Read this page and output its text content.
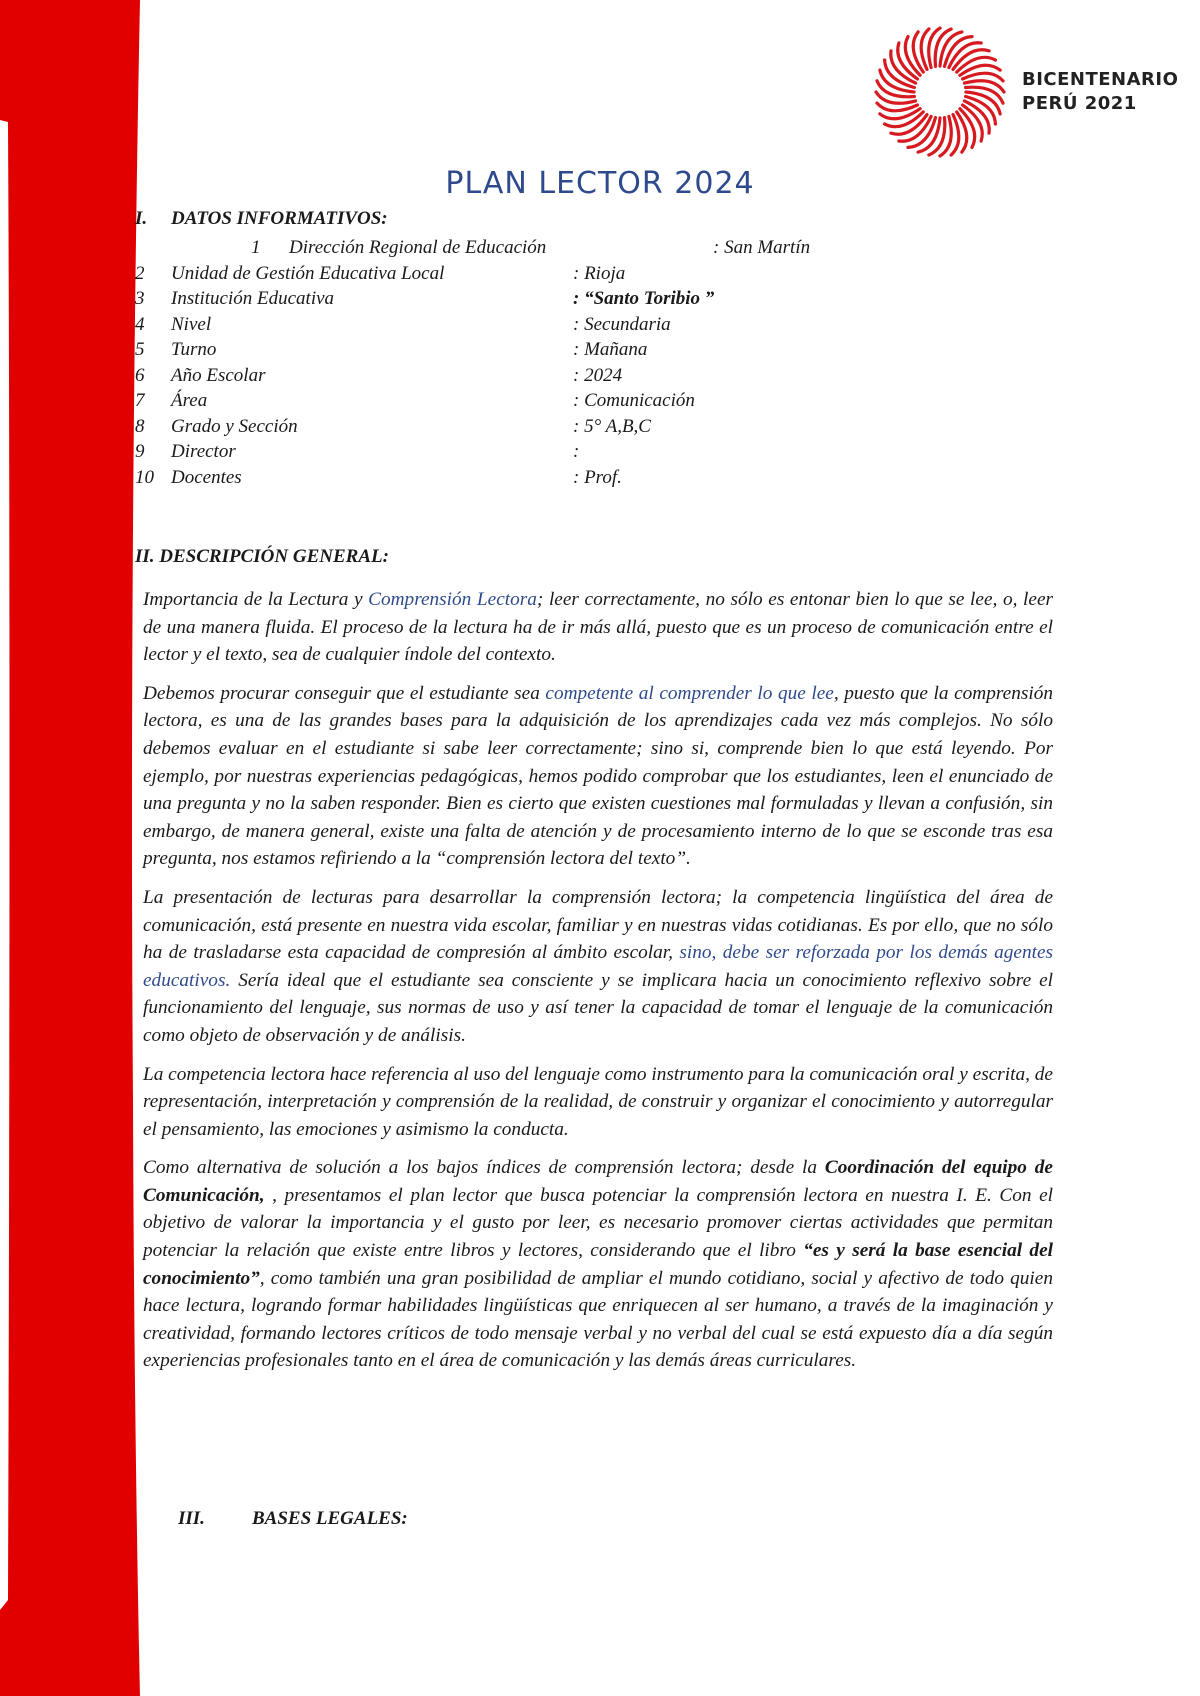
BICENTENARIO
PERÚ 2021
PLAN LECTOR 2024
I. DATOS INFORMATIVOS:
1 Dirección Regional de Educación	: San Martín
2 Unidad de Gestión Educativa Local	: Rioja
3 Institución Educativa	: “Santo Toribio ”
4 Nivel	: Secundaria
5 Turno	: Mañana
6 Año Escolar	: 2024
7 Área	: Comunicación
8 Grado y Sección	: 5° A,B,C
9 Director	:
10 Docentes	: Prof.
II. DESCRIPCIÓN GENERAL:

Importancia de la Lectura y Comprensión Lectora; leer correctamente, no sólo es entonar bien lo que se lee, o, leer de una manera fluida. El proceso de la lectura ha de ir más allá, puesto que es un proceso de comunicación entre el lector y el texto, sea de cualquier índole del contexto.

Debemos procurar conseguir que el estudiante sea competente al comprender lo que lee, puesto que la comprensión lectora, es una de las grandes bases para la adquisición de los aprendizajes cada vez más complejos. No sólo debemos evaluar en el estudiante si sabe leer correctamente; sino si, comprende bien lo que está leyendo. Por ejemplo, por nuestras experiencias pedagógicas, hemos podido comprobar que los estudiantes, leen el enunciado de una pregunta y no la saben responder. Bien es cierto que existen cuestiones mal formuladas y llevan a confusión, sin embargo, de manera general, existe una falta de atención y de procesamiento interno de lo que se esconde tras esa pregunta, nos estamos refiriendo a la “comprensión lectora del texto”.

La presentación de lecturas para desarrollar la comprensión lectora; la competencia lingüística del área de comunicación, está presente en nuestra vida escolar, familiar y en nuestras vidas cotidianas. Es por ello, que no sólo ha de trasladarse esta capacidad de compresión al ámbito escolar, sino, debe ser reforzada por los demás agentes educativos. Sería ideal que el estudiante sea consciente y se implicara hacia un conocimiento reflexivo sobre el funcionamiento del lenguaje, sus normas de uso y así tener la capacidad de tomar el lenguaje de la comunicación como objeto de observación y de análisis.

La competencia lectora hace referencia al uso del lenguaje como instrumento para la comunicación oral y escrita, de representación, interpretación y comprensión de la realidad, de construir y organizar el conocimiento y autorregular el pensamiento, las emociones y asimismo la conducta.

Como alternativa de solución a los bajos índices de comprensión lectora; desde la Coordinación del equipo de Comunicación, , presentamos el plan lector que busca potenciar la comprensión lectora en nuestra I. E. Con el objetivo de valorar la importancia y el gusto por leer, es necesario promover ciertas actividades que permitan potenciar la relación que existe entre libros y lectores, considerando que el libro “es y será la base esencial del conocimiento”, como también una gran posibilidad de ampliar el mundo cotidiano, social y afectivo de todo quien hace lectura, logrando formar habilidades lingüísticas que enriquecen al ser humano, a través de la imaginación y creatividad, formando lectores críticos de todo mensaje verbal y no verbal del cual se está expuesto día a día según experiencias profesionales tanto en el área de comunicación y las demás áreas curriculares.

III. BASES LEGALES:
